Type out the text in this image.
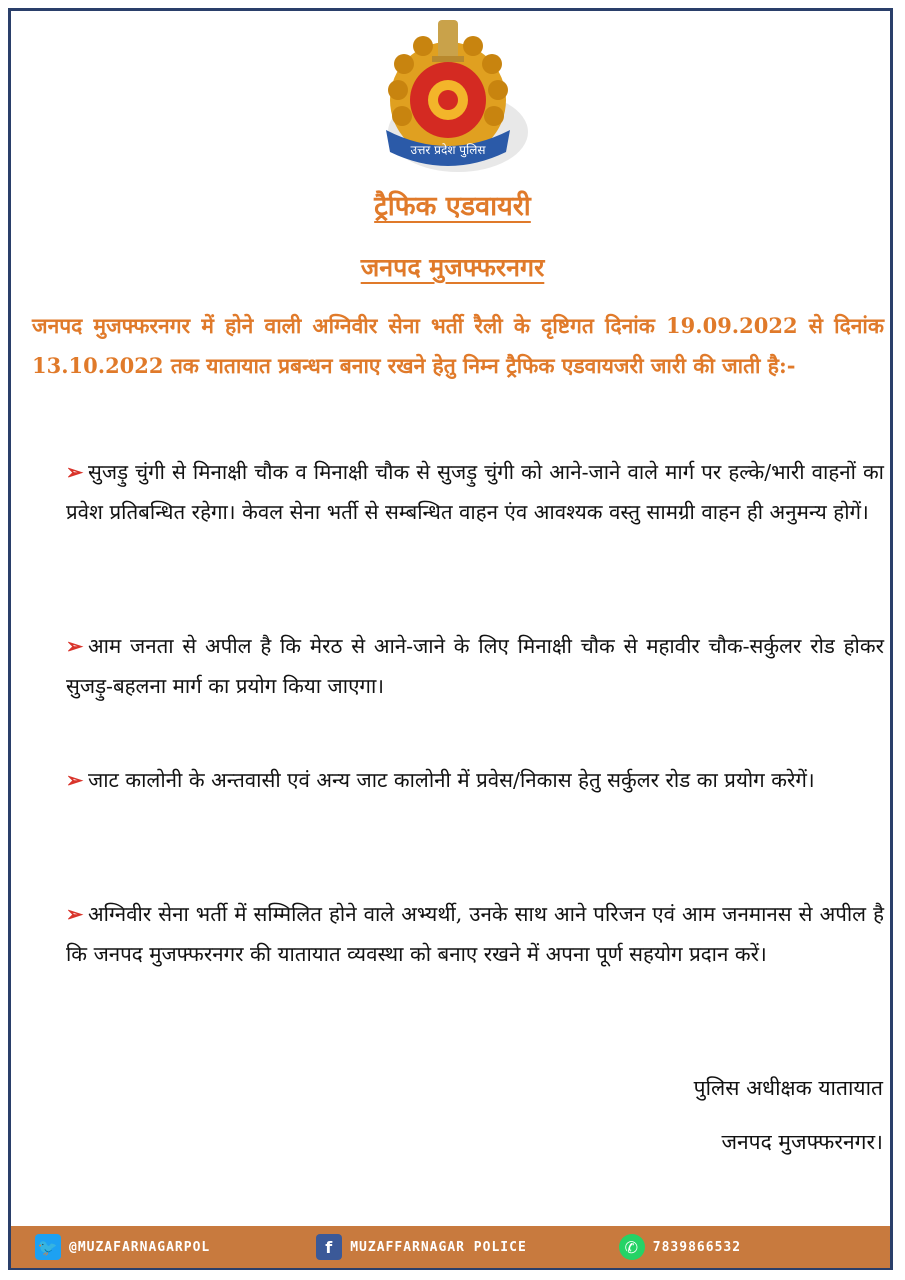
उत्तर प्रदेश पुलिस
ट्रैफिक एडवायरी
जनपद मुजफ्फरनगर
जनपद मुजफ्फरनगर में होने वाली अग्निवीर सेना भर्ती रैली के दृष्टिगत दिनांक 19.09.2022 से दिनांक 13.10.2022 तक यातायात प्रबन्धन बनाए रखने हेतु निम्न ट्रैफिक एडवायजरी जारी की जाती है:-
➢ सुजड़ु चुंगी से मिनाक्षी चौक व मिनाक्षी चौक से सुजड़ु चुंगी को आने-जाने वाले मार्ग पर हल्के/भारी वाहनों का प्रवेश प्रतिबन्धित रहेगा। केवल सेना भर्ती से सम्बन्धित वाहन एंव आवश्यक वस्तु सामग्री वाहन ही अनुमन्य होगें।
➢ आम जनता से अपील है कि मेरठ से आने-जाने के लिए मिनाक्षी चौक से महावीर चौक-सर्कुलर रोड होकर सुजड़ु-बहलना मार्ग का प्रयोग किया जाएगा।
➢ जाट कालोनी के अन्तवासी एवं अन्य जाट कालोनी में प्रवेस/निकास हेतु सर्कुलर रोड का प्रयोग करेगें।
➢ अग्निवीर सेना भर्ती में सम्मिलित होने वाले अभ्यर्थी, उनके साथ आने परिजन एवं आम जनमानस से अपील है कि जनपद मुजफ्फरनगर की यातायात व्यवस्था को बनाए रखने में अपना पूर्ण सहयोग प्रदान करें।
पुलिस अधीक्षक यातायात
जनपद मुजफ्फरनगर।
🐦 @MUZAFARNAGARPOL	f	MUZAFFARNAGAR POLICE	✆	7839866532
